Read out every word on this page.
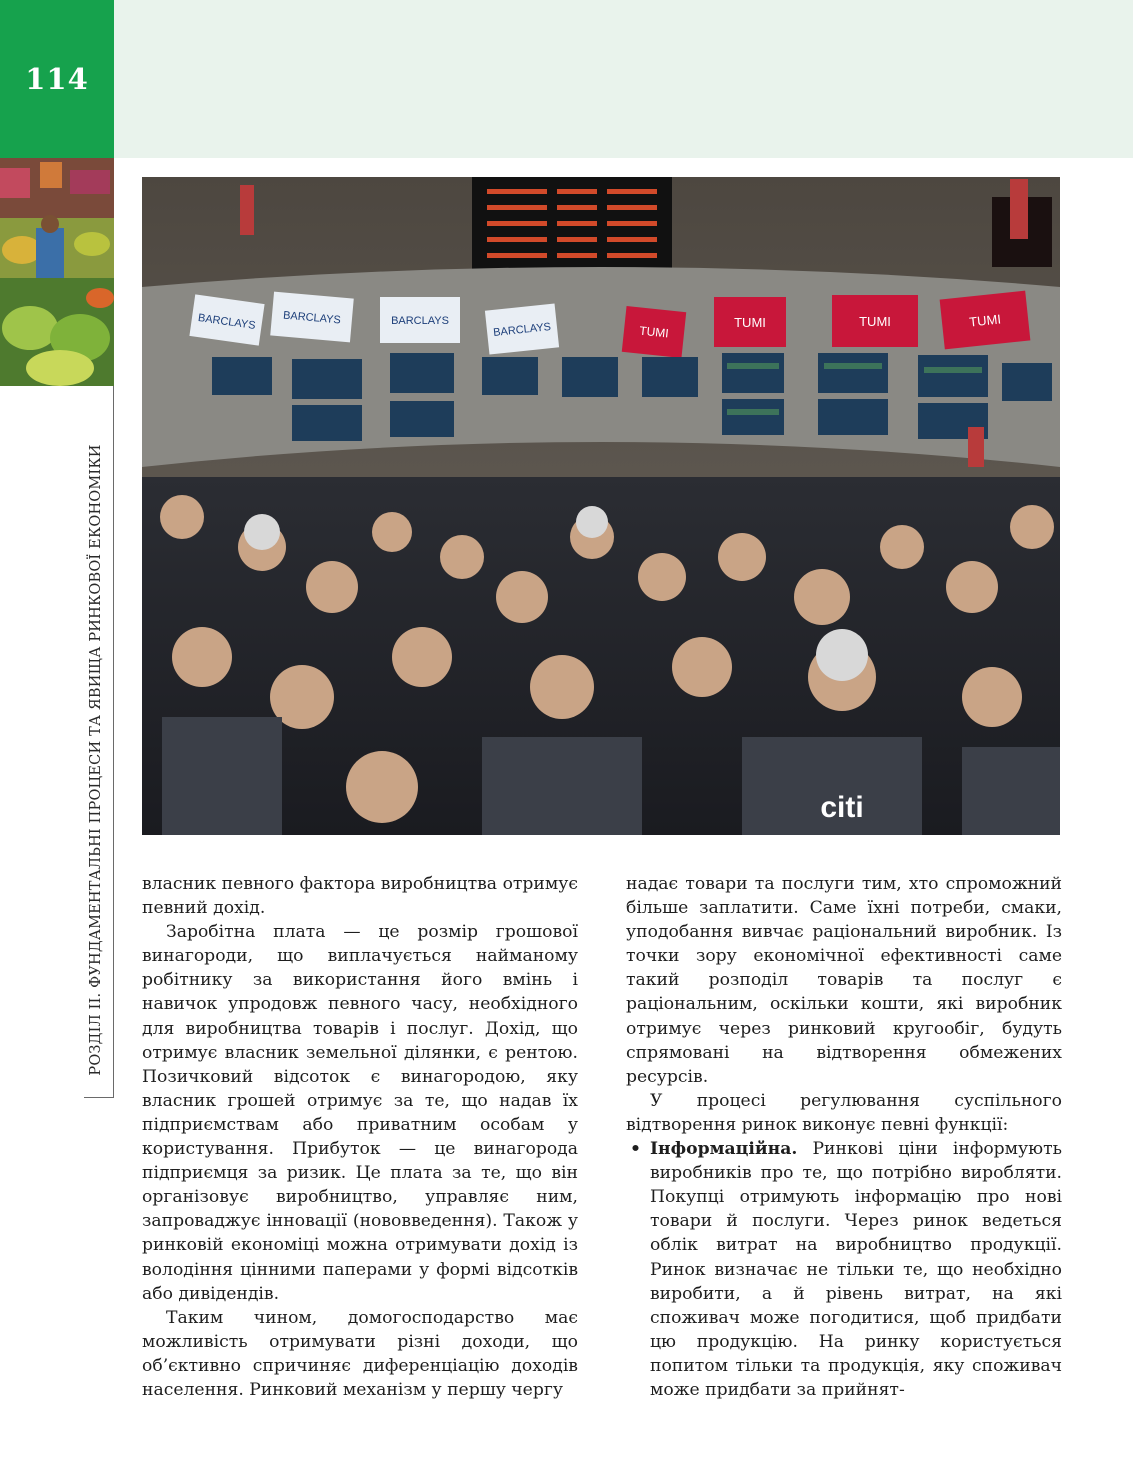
114
РОЗДІЛ ІІ. ФУНДАМЕНТАЛЬНІ ПРОЦЕСИ ТА ЯВИЩА РИНКОВОЇ ЕКОНОМІКИ
BARCLAYS BARCLAYS	BARCLAYS
BARCLAYS	TUMI
TUMI	TUMI	TUMI
citi

власник певного фактора виробництва отримує певний дохід.

Заробітна плата — це розмір грошової винагороди, що виплачується найманому робітнику за використання його вмінь і навичок упродовж певного часу, необхідного для виробництва товарів і послуг. Дохід, що отримує власник земельної ділянки, є рентою. Позичковий відсоток є винагородою, яку власник грошей отримує за те, що надав їх підприємствам або приватним особам у користування. Прибуток — це винагорода підприємця за ризик. Це плата за те, що він організовує виробництво, управляє ним, запроваджує інновації (нововведення). Також у ринковій економіці можна отримувати дохід із володіння цінними паперами у формі відсотків або дивідендів.

Таким чином, домогосподарство має можливість отримувати різні доходи, що об’єктивно спричиняє диференціацію доходів населення. Ринковий механізм у першу чергу

надає товари та послуги тим, хто спроможний більше заплатити. Саме їхні потреби, смаки, уподобання вивчає раціональний виробник. Із точки зору економічної ефективності саме такий розподіл товарів та послуг є раціональним, оскільки кошти, які виробник отримує через ринковий кругообіг, будуть спрямовані на відтворення обмежених ресурсів.

У процесі регулювання суспільного відтворення ринок виконує певні функції:

• Інформаційна. Ринкові ціни інформують виробників про те, що потрібно виробляти. Покупці отримують інформацію про нові товари й послуги. Через ринок ведеться облік витрат на виробництво продукції. Ринок визначає не тільки те, що необхідно виробити, а й рівень витрат, на які споживач може погодитися, щоб придбати цю продукцію. На ринку користується попитом тільки та продукція, яку споживач може придбати за прийнят-
